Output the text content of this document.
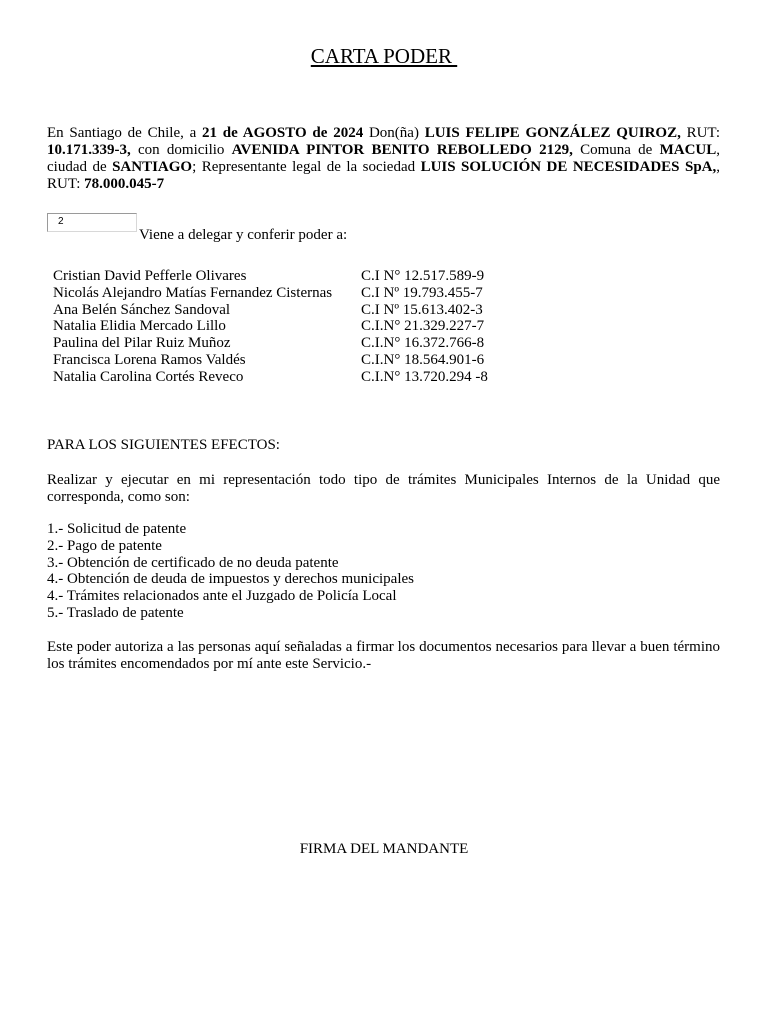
CARTA PODER
En Santiago de Chile, a 21 de AGOSTO de 2024 Don(ña) LUIS FELIPE GONZÁLEZ QUIROZ, RUT: 10.171.339-3, con domicilio AVENIDA PINTOR BENITO REBOLLEDO 2129, Comuna de MACUL, ciudad de SANTIAGO; Representante legal de la sociedad LUIS SOLUCIÓN DE NECESIDADES SpA,, RUT: 78.000.045-7
2
Viene a delegar y conferir poder a:
Cristian David Pefferle Olivares	C.I N° 12.517.589-9
Nicolás Alejandro Matías Fernandez Cisternas C.I Nº 19.793.455-7
Ana Belén Sánchez Sandoval	C.I Nº 15.613.402-3
Natalia Elidia Mercado Lillo	C.I.N° 21.329.227-7
Paulina del Pilar Ruiz Muñoz	C.I.N° 16.372.766-8
Francisca Lorena Ramos Valdés	C.I.N° 18.564.901-6
Natalia Carolina Cortés Reveco	C.I.N° 13.720.294 -8
PARA LOS SIGUIENTES EFECTOS:
Realizar y ejecutar en mi representación todo tipo de trámites Municipales Internos de la Unidad que corresponda, como son:
1.- Solicitud de patente
2.- Pago de patente
3.- Obtención de certificado de no deuda patente
4.- Obtención de deuda de impuestos y derechos municipales
4.- Trámites relacionados ante el Juzgado de Policía Local
5.- Traslado de patente
Este poder autoriza a las personas aquí señaladas a firmar los documentos necesarios para llevar a buen término los trámites encomendados por mí ante este Servicio.-
FIRMA DEL MANDANTE
